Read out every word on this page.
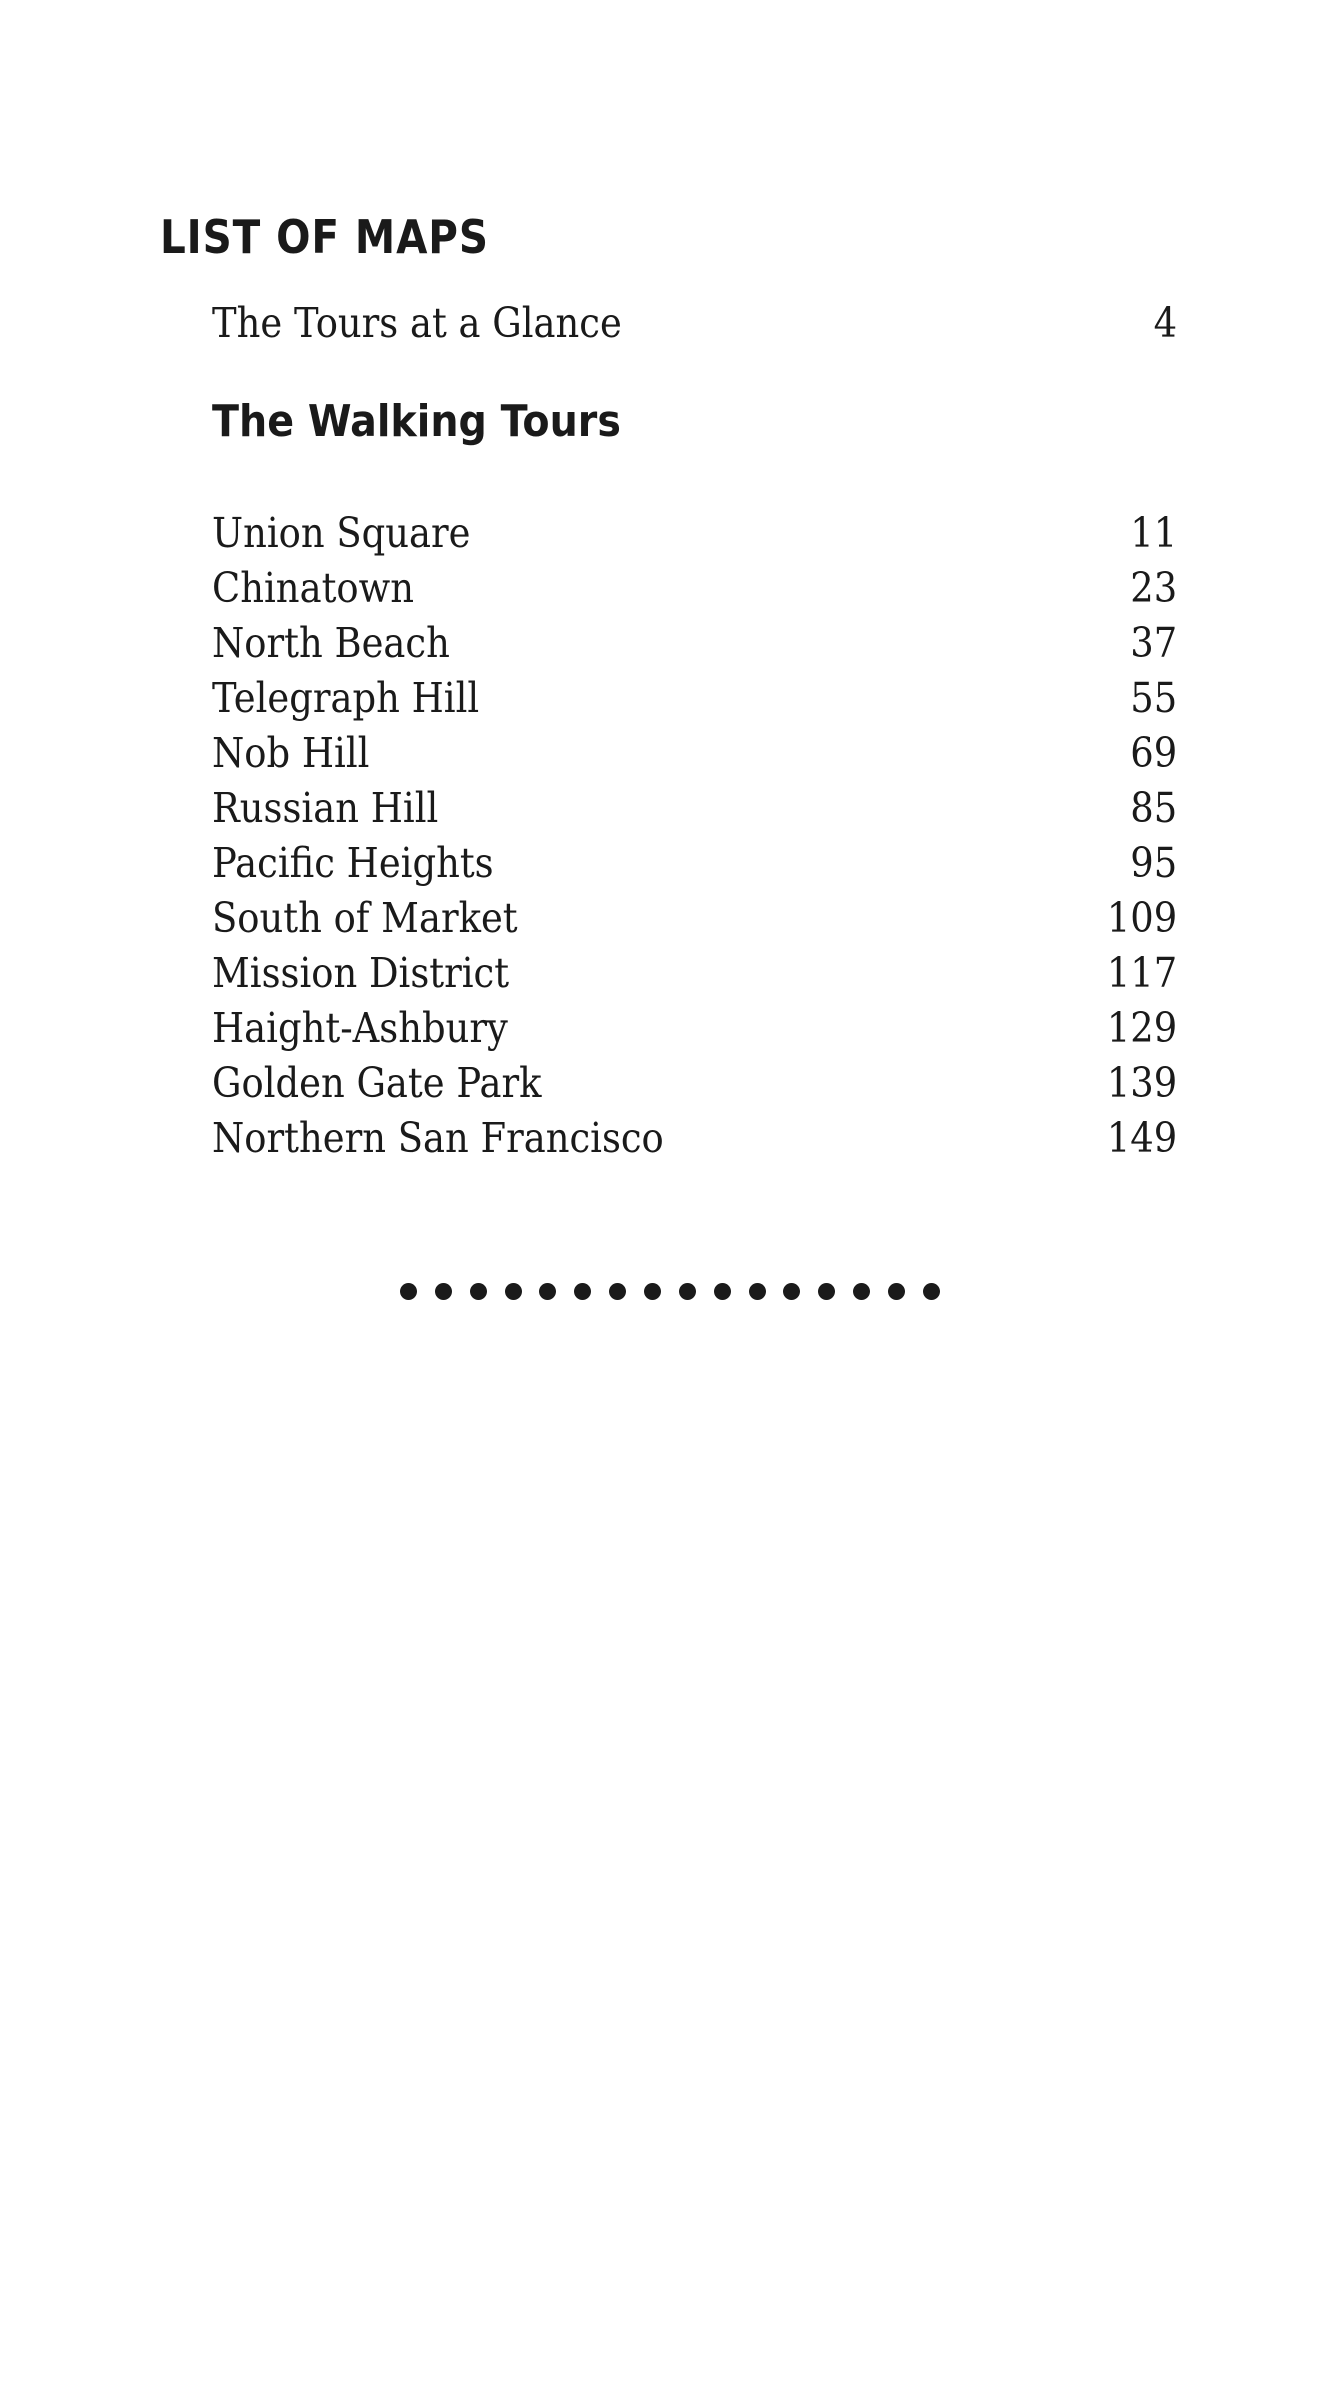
LIST OF MAPS
The Tours at a Glance	4
The Walking Tours
Union Square	11
Chinatown	23
North Beach	37
Telegraph Hill	55
Nob Hill	69
Russian Hill	85
Pacific Heights	95
South of Market	109
Mission District	117
Haight-Ashbury	129
Golden Gate Park	139
Northern San Francisco	149
